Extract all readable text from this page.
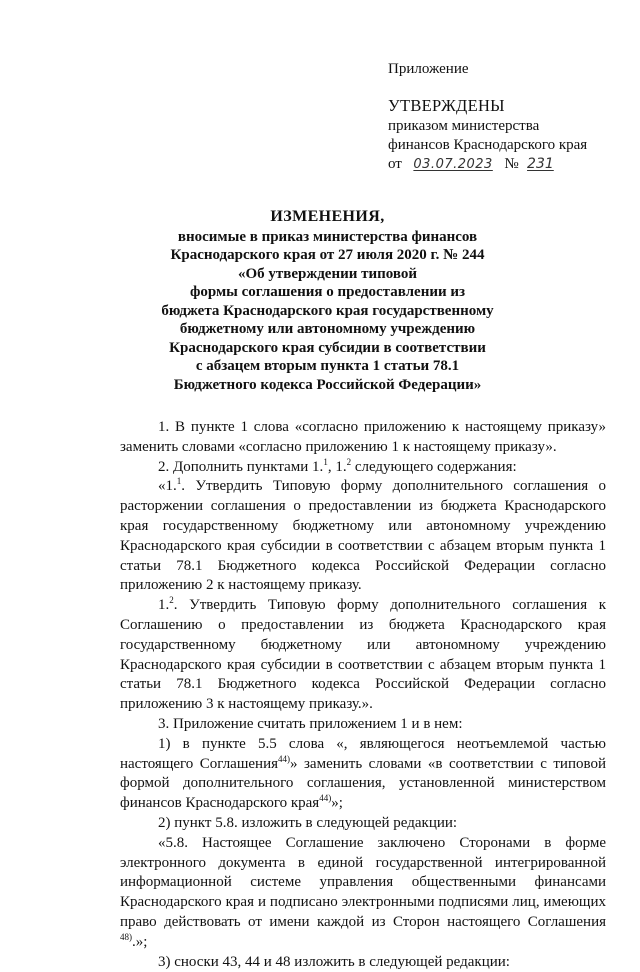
Приложение

УТВЕРЖДЕНЫ

приказом министерства

финансов Краснодарского края

от 03.07.2023 № 231

ИЗМЕНЕНИЯ,
вносимые в приказ министерства финансов
Краснодарского края от 27 июля 2020 г. № 244
«Об утверждении типовой
формы соглашения о предоставлении из
бюджета Краснодарского края государственному
бюджетному или автономному учреждению
Краснодарского края субсидии в соответствии
с абзацем вторым пункта 1 статьи 78.1
Бюджетного кодекса Российской Федерации»

1. В пункте 1 слова «согласно приложению к настоящему приказу» заменить словами «согласно приложению 1 к настоящему приказу».

2. Дополнить пунктами 1.$^1$, 1.$^2$ следующего содержания:

«1.$^1$. Утвердить Типовую форму дополнительного соглашения о расторжении соглашения о предоставлении из бюджета Краснодарского края государственному бюджетному или автономному учреждению Краснодарского края субсидии в соответствии с абзацем вторым пункта 1 статьи 78.1 Бюджетного кодекса Российской Федерации согласно приложению 2 к настоящему приказу.

1.$^2$. Утвердить Типовую форму дополнительного соглашения к Соглашению о предоставлении из бюджета Краснодарского края государственному бюджетному или автономному учреждению Краснодарского края субсидии в соответствии с абзацем вторым пункта 1 статьи 78.1 Бюджетного кодекса Российской Федерации согласно приложению 3 к настоящему приказу.».

3. Приложение считать приложением 1 и в нем:

1) в пункте 5.5 слова «, являющегося неотъемлемой частью настоящего Соглашения$^{44)}$» заменить словами «в соответствии с типовой формой дополнительного соглашения, установленной министерством финансов Краснодарского края$^{44)}$»;

2) пункт 5.8. изложить в следующей редакции:

«5.8. Настоящее Соглашение заключено Сторонами в форме электронного документа в единой государственной интегрированной информационной системе управления общественными финансами Краснодарского края и подписано электронными подписями лиц, имеющих право действовать от имени каждой из Сторон настоящего Соглашения $^{48)}$.»;

3) сноски 43, 44 и 48 изложить в следующей редакции:
